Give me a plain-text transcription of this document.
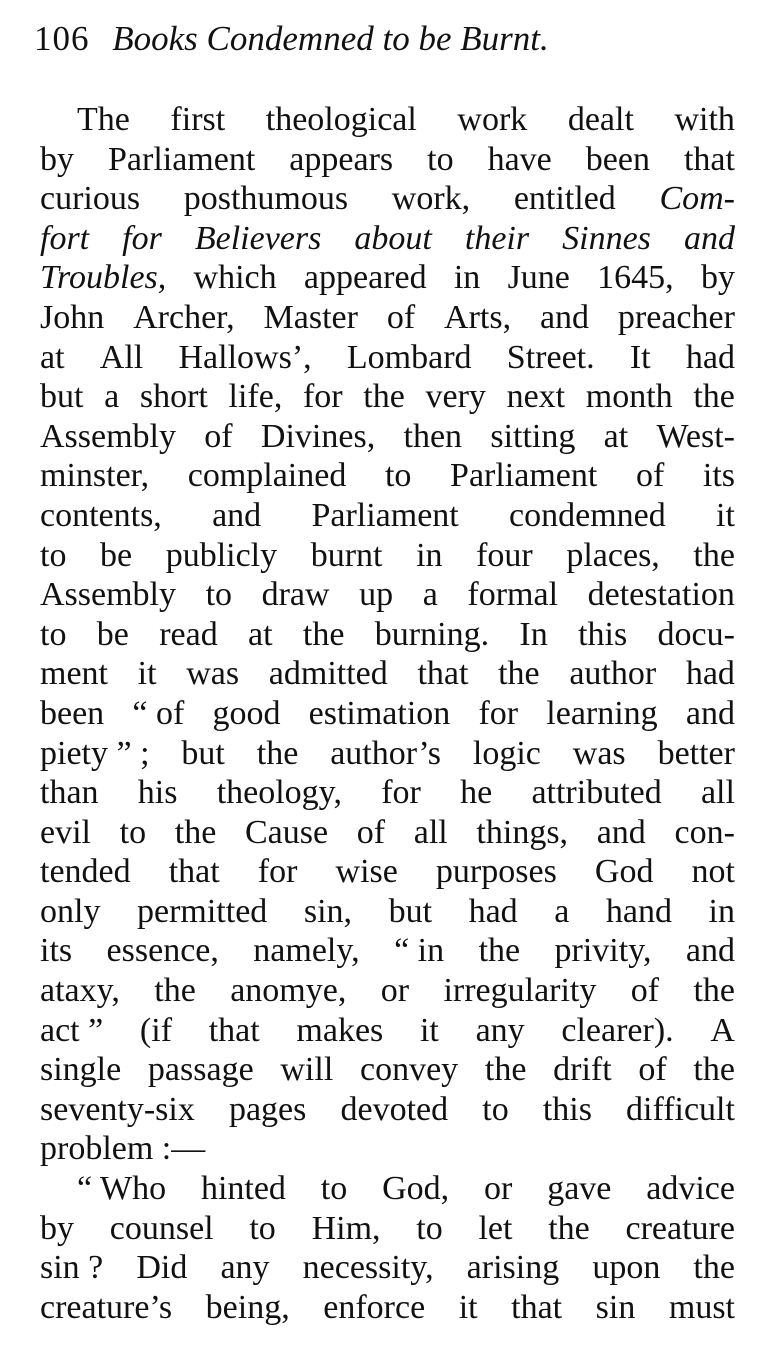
106 Books Condemned to be Burnt.
The first theological work dealt with
by Parliament appears to have been that
curious posthumous work, entitled Com-
fort for Believers about their Sinnes and
Troubles, which appeared in June 1645, by
John Archer, Master of Arts, and preacher
at All Hallows’, Lombard Street. It had
but a short life, for the very next month the
Assembly of Divines, then sitting at West-
minster, complained to Parliament of its
contents, and Parliament condemned it
to be publicly burnt in four places, the
Assembly to draw up a formal detestation
to be read at the burning. In this docu-
ment it was admitted that the author had
been “ of good estimation for learning and
piety ” ; but the author’s logic was better
than his theology, for he attributed all
evil to the Cause of all things, and con-
tended that for wise purposes God not
only permitted sin, but had a hand in
its essence, namely, “ in the privity, and
ataxy, the anomye, or irregularity of the
act ” (if that makes it any clearer). A
single passage will convey the drift of the
seventy-six pages devoted to this difficult
problem :—
“ Who hinted to God, or gave advice
by counsel to Him, to let the creature
sin ? Did any necessity, arising upon the
creature’s being, enforce it that sin must
